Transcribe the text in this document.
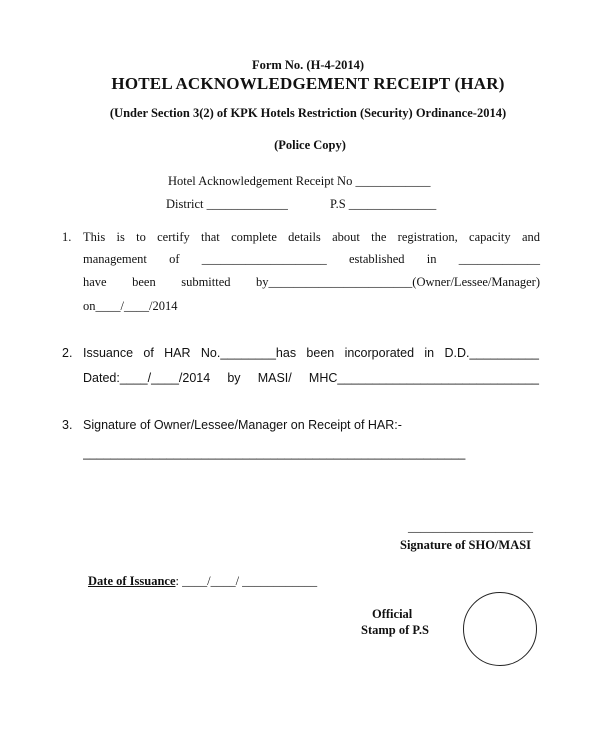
Form No. (H-4-2014)
HOTEL ACKNOWLEDGEMENT RECEIPT (HAR)
(Under Section 3(2) of KPK Hotels Restriction (Security) Ordinance-2014)
(Police Copy)
Hotel Acknowledgement Receipt No ____________
District _____________	P.S ______________
1. This is to certify that complete details about the registration, capacity and
management of ____________________ established in _____________
have been submitted by_______________________(Owner/Lessee/Manager)
on____/____/2014
2. Issuance of HAR No.________has been incorporated in D.D.__________
Dated:____/____/2014 by MASI/ MHC_____________________________
3. Signature of Owner/Lessee/Manager on Receipt of HAR:-
_______________________________________________________
____________________
Signature of SHO/MASI
Date of Issuance: ____/____/ ____________
Official
Stamp of P.S
